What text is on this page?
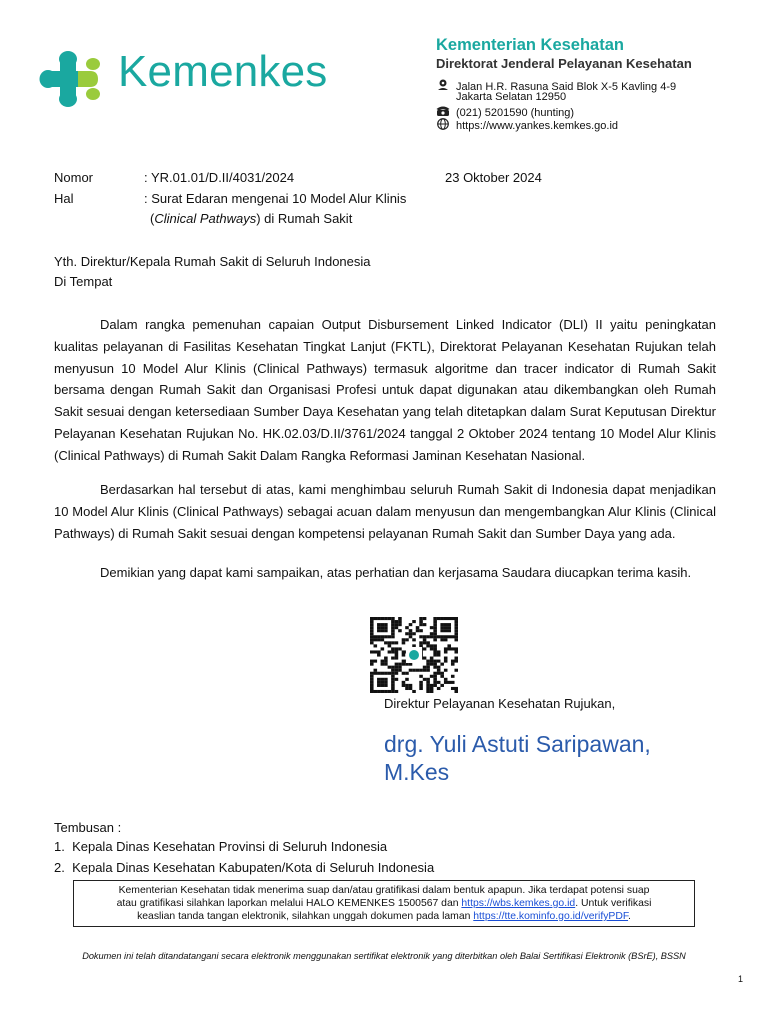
Kemenkes
Kementerian Kesehatan
Direktorat Jenderal Pelayanan Kesehatan
Jalan H.R. Rasuna Said Blok X-5 Kavling 4-9
Jakarta Selatan 12950
(021) 5201590 (hunting)
https://www.yankes.kemkes.go.id
Nomor	: YR.01.01/D.II/4031/2024	23 Oktober 2024
Hal	: Surat Edaran mengenai 10 Model Alur Klinis
(Clinical Pathways) di Rumah Sakit
Yth. Direktur/Kepala Rumah Sakit di Seluruh Indonesia
Di Tempat
Dalam rangka pemenuhan capaian Output Disbursement Linked Indicator (DLI) II yaitu peningkatan kualitas pelayanan di Fasilitas Kesehatan Tingkat Lanjut (FKTL), Direktorat Pelayanan Kesehatan Rujukan telah menyusun 10 Model Alur Klinis (Clinical Pathways) termasuk algoritme dan tracer indicator di Rumah Sakit bersama dengan Rumah Sakit dan Organisasi Profesi untuk dapat digunakan atau dikembangkan oleh Rumah Sakit sesuai dengan ketersediaan Sumber Daya Kesehatan yang telah ditetapkan dalam Surat Keputusan Direktur Pelayanan Kesehatan Rujukan No. HK.02.03/D.II/3761/2024 tanggal 2 Oktober 2024 tentang 10 Model Alur Klinis (Clinical Pathways) di Rumah Sakit Dalam Rangka Reformasi Jaminan Kesehatan Nasional.
Berdasarkan hal tersebut di atas, kami menghimbau seluruh Rumah Sakit di Indonesia dapat menjadikan 10 Model Alur Klinis (Clinical Pathways) sebagai acuan dalam menyusun dan mengembangkan Alur Klinis (Clinical Pathways) di Rumah Sakit sesuai dengan kompetensi pelayanan Rumah Sakit dan Sumber Daya yang ada.
Demikian yang dapat kami sampaikan, atas perhatian dan kerjasama Saudara diucapkan terima kasih.
Direktur Pelayanan Kesehatan Rujukan,
drg. Yuli Astuti Saripawan,
M.Kes
Tembusan :
1.  Kepala Dinas Kesehatan Provinsi di Seluruh Indonesia
2.  Kepala Dinas Kesehatan Kabupaten/Kota di Seluruh Indonesia
Kementerian Kesehatan tidak menerima suap dan/atau gratifikasi dalam bentuk apapun. Jika terdapat potensi suap
atau gratifikasi silahkan laporkan melalui HALO KEMENKES 1500567 dan https://wbs.kemkes.go.id. Untuk verifikasi
keaslian tanda tangan elektronik, silahkan unggah dokumen pada laman https://tte.kominfo.go.id/verifyPDF.
Dokumen ini telah ditandatangani secara elektronik menggunakan sertifikat elektronik yang diterbitkan oleh Balai Sertifikasi Elektronik (BSrE), BSSN
1
